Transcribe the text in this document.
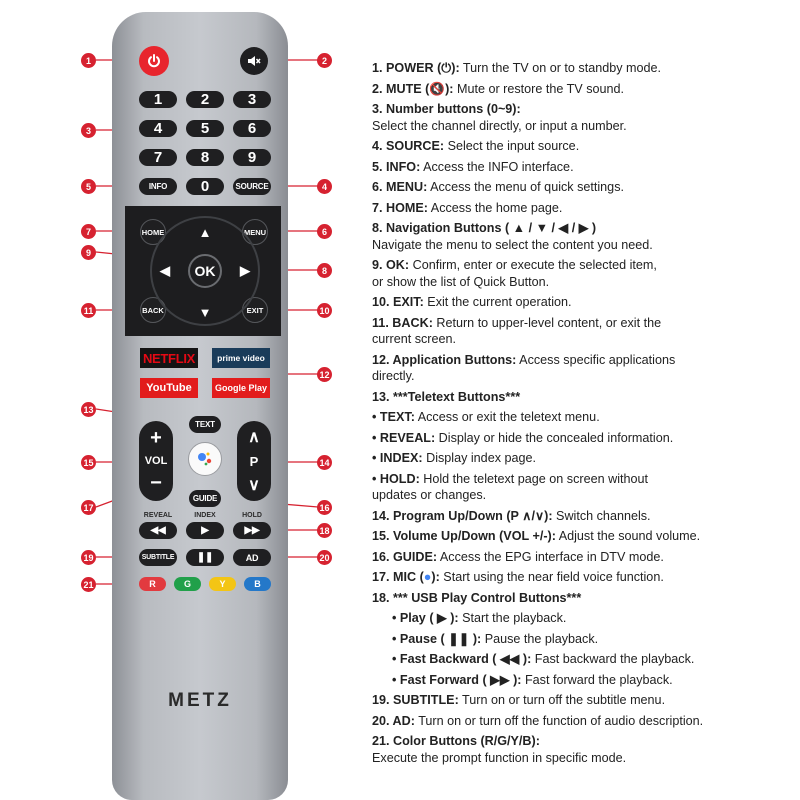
1	2	3
4	5	6
7	8	9
INFO	0	SOURCE
HOME	MENU
BACK	EXIT
▲
▼
◀	▶
OK
NETFLIX	prime video
YouTube	Google Play
TEXT
+
VOL
−
∧
P
∨
GUIDE
REVEAL	INDEX	HOLD
◀◀	▶	▶▶
SUBTITLE ❚❚	AD
R	G	Y	B
METZ
1	2
3
4
5
6
7
8
9
10
11
12
13
14
15
16
17
18
19	20
21
1. POWER (⏻): Turn the TV on or to standby mode.
2. MUTE (🔇): Mute or restore the TV sound.
3. Number buttons (0~9):
Select the channel directly, or input a number.
4. SOURCE: Select the input source.
5. INFO: Access the INFO interface.
6. MENU: Access the menu of quick settings.
7. HOME: Access the home page.
8. Navigation Buttons ( ▲ / ▼ / ◀ / ▶ )
Navigate the menu to select the content you need.
9. OK: Confirm, enter or execute the selected item,
or show the list of Quick Button.
10. EXIT: Exit the current operation.
11. BACK: Return to upper-level content, or exit the
current screen.
12. Application Buttons: Access specific applications
directly.
13. ***Teletext Buttons***
• TEXT: Access or exit the teletext menu.
• REVEAL: Display or hide the concealed information.
• INDEX: Display index page.
• HOLD: Hold the teletext page on screen without
updates or changes.
14. Program Up/Down (P ∧/∨): Switch channels.
15. Volume Up/Down (VOL +/-): Adjust the sound volume.
16. GUIDE: Access the EPG interface in DTV mode.
17. MIC (●): Start using the near field voice function.
18. *** USB Play Control Buttons***
• Play ( ▶ ): Start the playback.
• Pause ( ❚❚ ): Pause the playback.
• Fast Backward ( ◀◀ ): Fast backward the playback.
• Fast Forward ( ▶▶ ): Fast forward the playback.
19. SUBTITLE: Turn on or turn off the subtitle menu.
20. AD: Turn on or turn off the function of audio description.
21. Color Buttons (R/G/Y/B):
Execute the prompt function in specific mode.
